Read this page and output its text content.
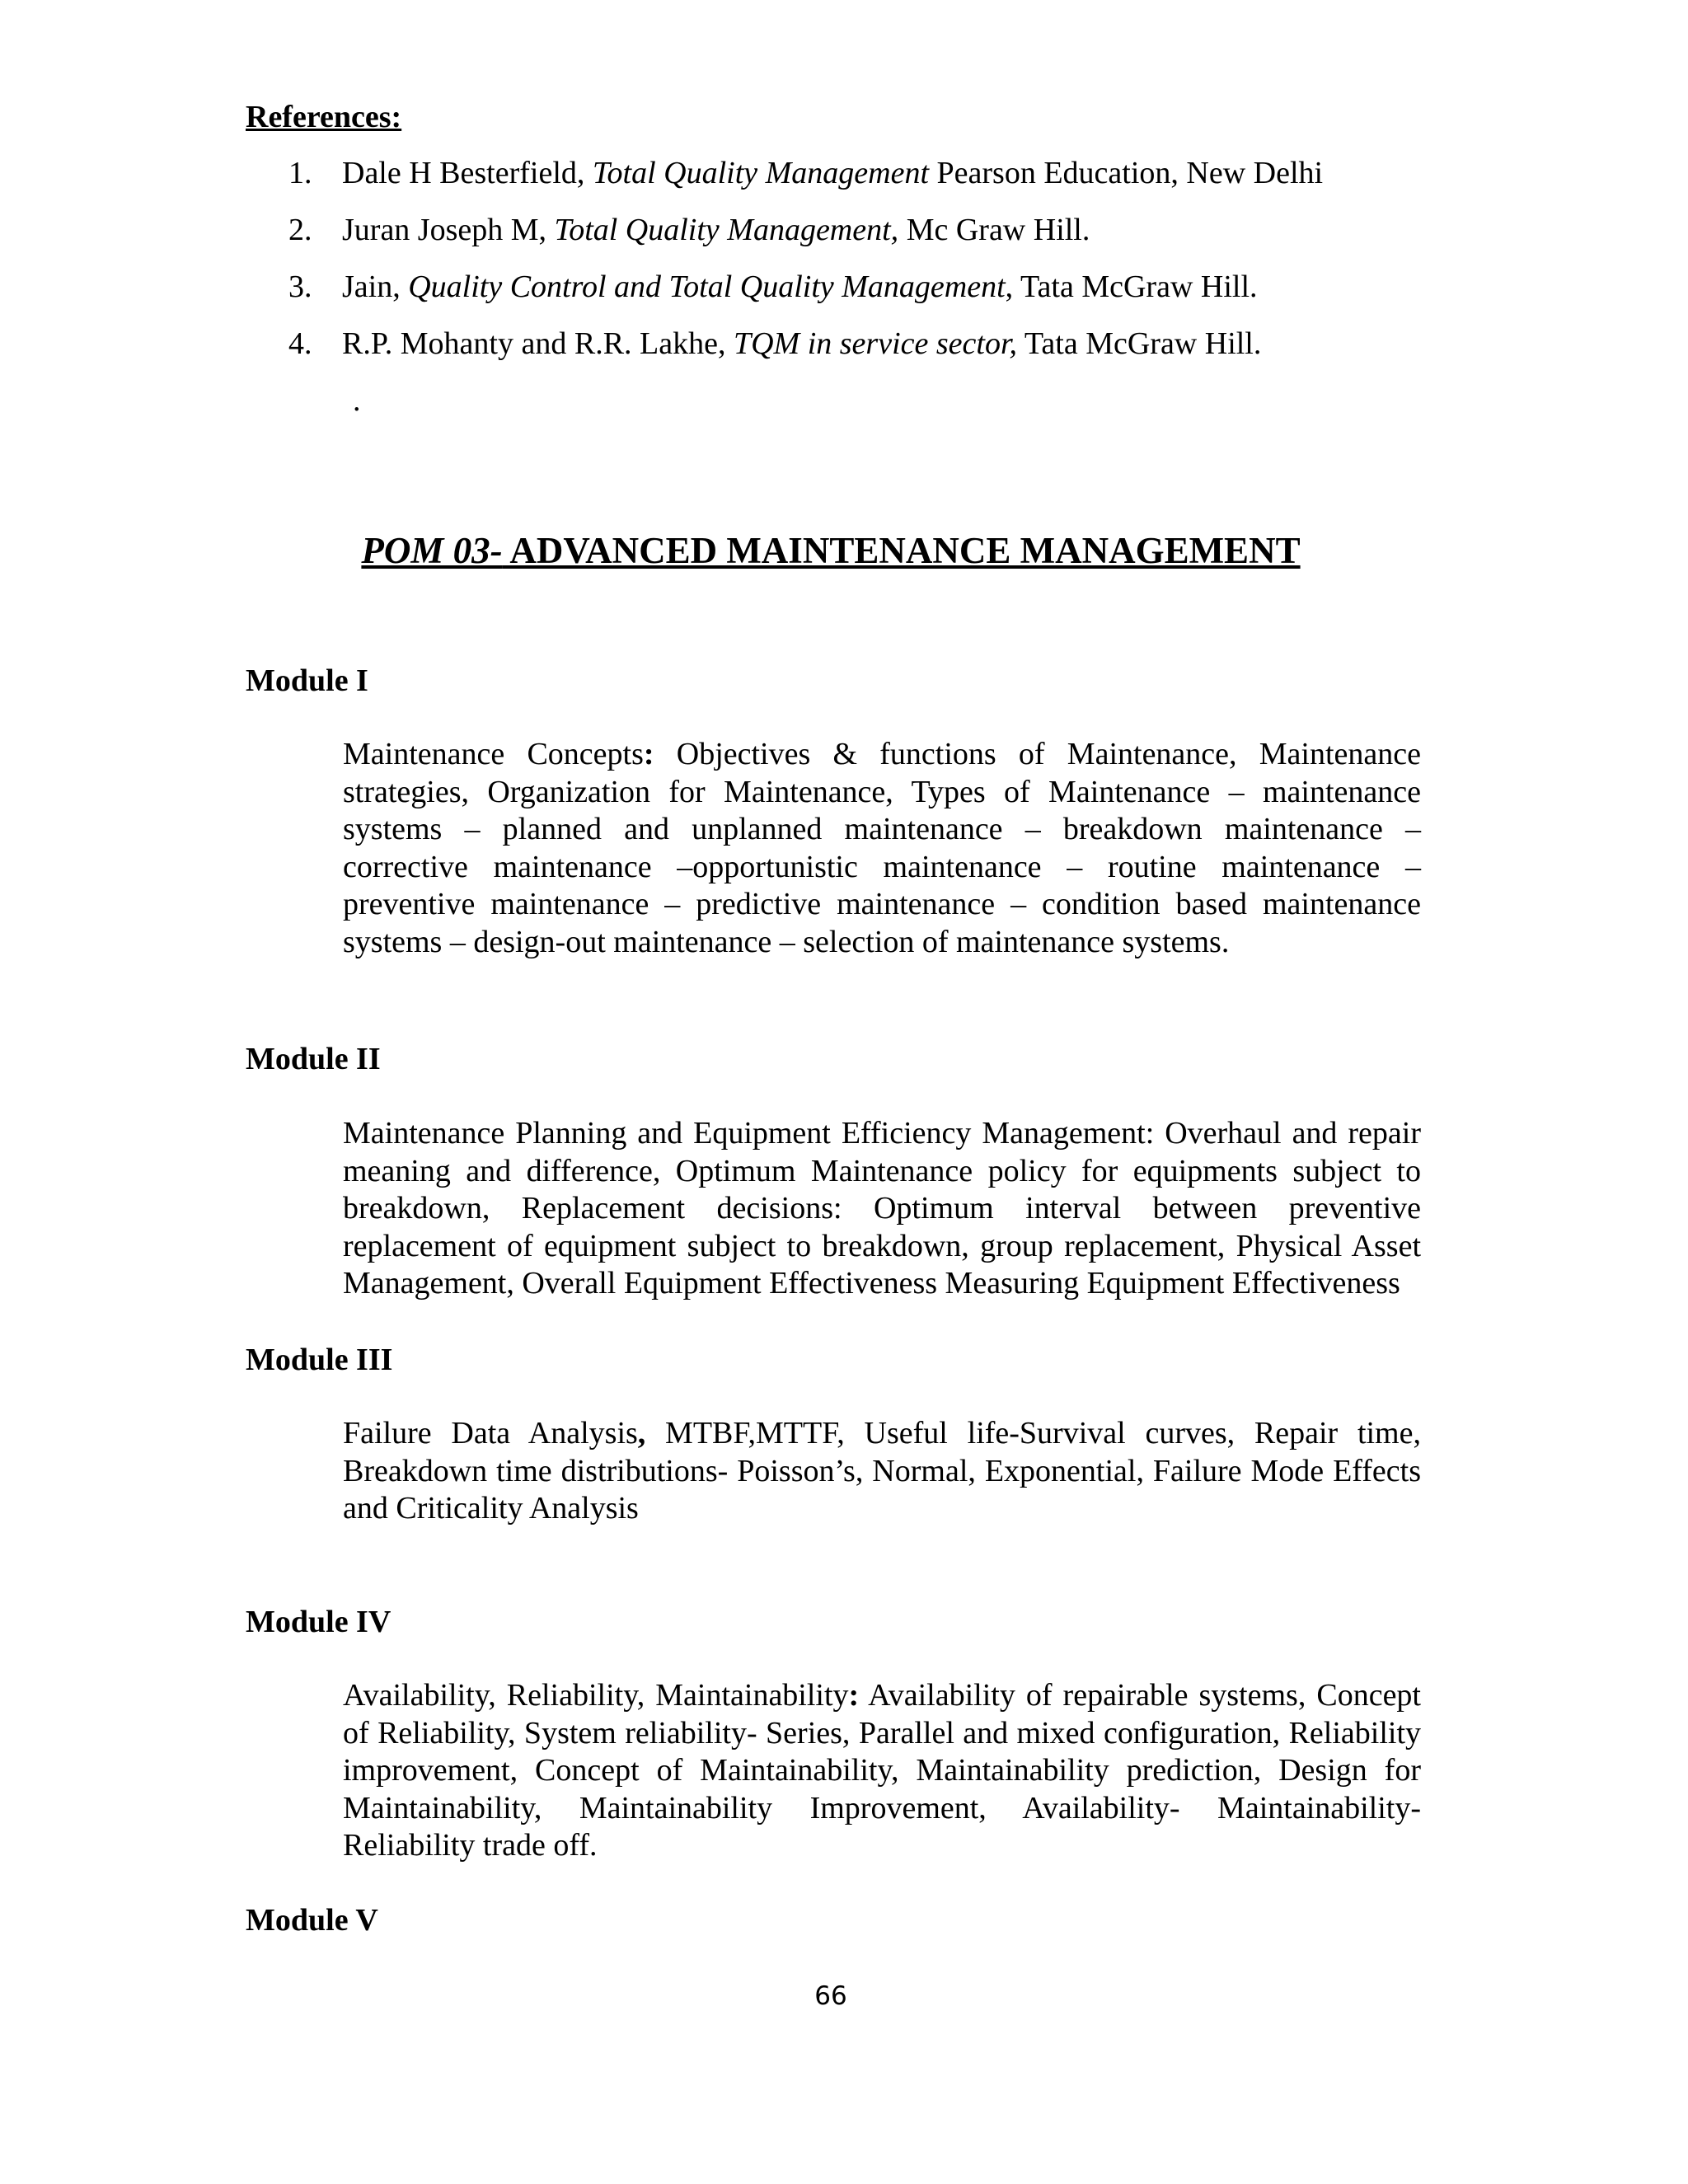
References:
1. Dale H Besterfield, Total Quality Management Pearson Education, New Delhi
2. Juran Joseph M, Total Quality Management, Mc Graw Hill.
3. Jain, Quality Control and Total Quality Management, Tata McGraw Hill.
4. R.P. Mohanty and R.R. Lakhe, TQM in service sector, Tata McGraw Hill.
.
POM 03- ADVANCED MAINTENANCE MANAGEMENT
Module I
Maintenance Concepts: Objectives & functions of Maintenance, Maintenance strategies, Organization for Maintenance, Types of Maintenance – maintenance systems – planned and unplanned maintenance – breakdown maintenance – corrective maintenance –opportunistic maintenance – routine maintenance – preventive maintenance – predictive maintenance – condition based maintenance systems – design-out maintenance – selection of maintenance systems.
Module II
Maintenance Planning and Equipment Efficiency Management: Overhaul and repair meaning and difference, Optimum Maintenance policy for equipments subject to breakdown, Replacement decisions: Optimum interval between preventive replacement of equipment subject to breakdown, group replacement, Physical Asset Management, Overall Equipment Effectiveness Measuring Equipment Effectiveness
Module III
Failure Data Analysis, MTBF,MTTF, Useful life-Survival curves, Repair time, Breakdown time distributions- Poisson’s, Normal, Exponential, Failure Mode Effects and Criticality Analysis
Module IV
Availability, Reliability, Maintainability: Availability of repairable systems, Concept of Reliability, System reliability- Series, Parallel and mixed configuration, Reliability improvement, Concept of Maintainability, Maintainability prediction, Design for Maintainability, Maintainability Improvement, Availability- Maintainability-Reliability trade off.
Module V
66
